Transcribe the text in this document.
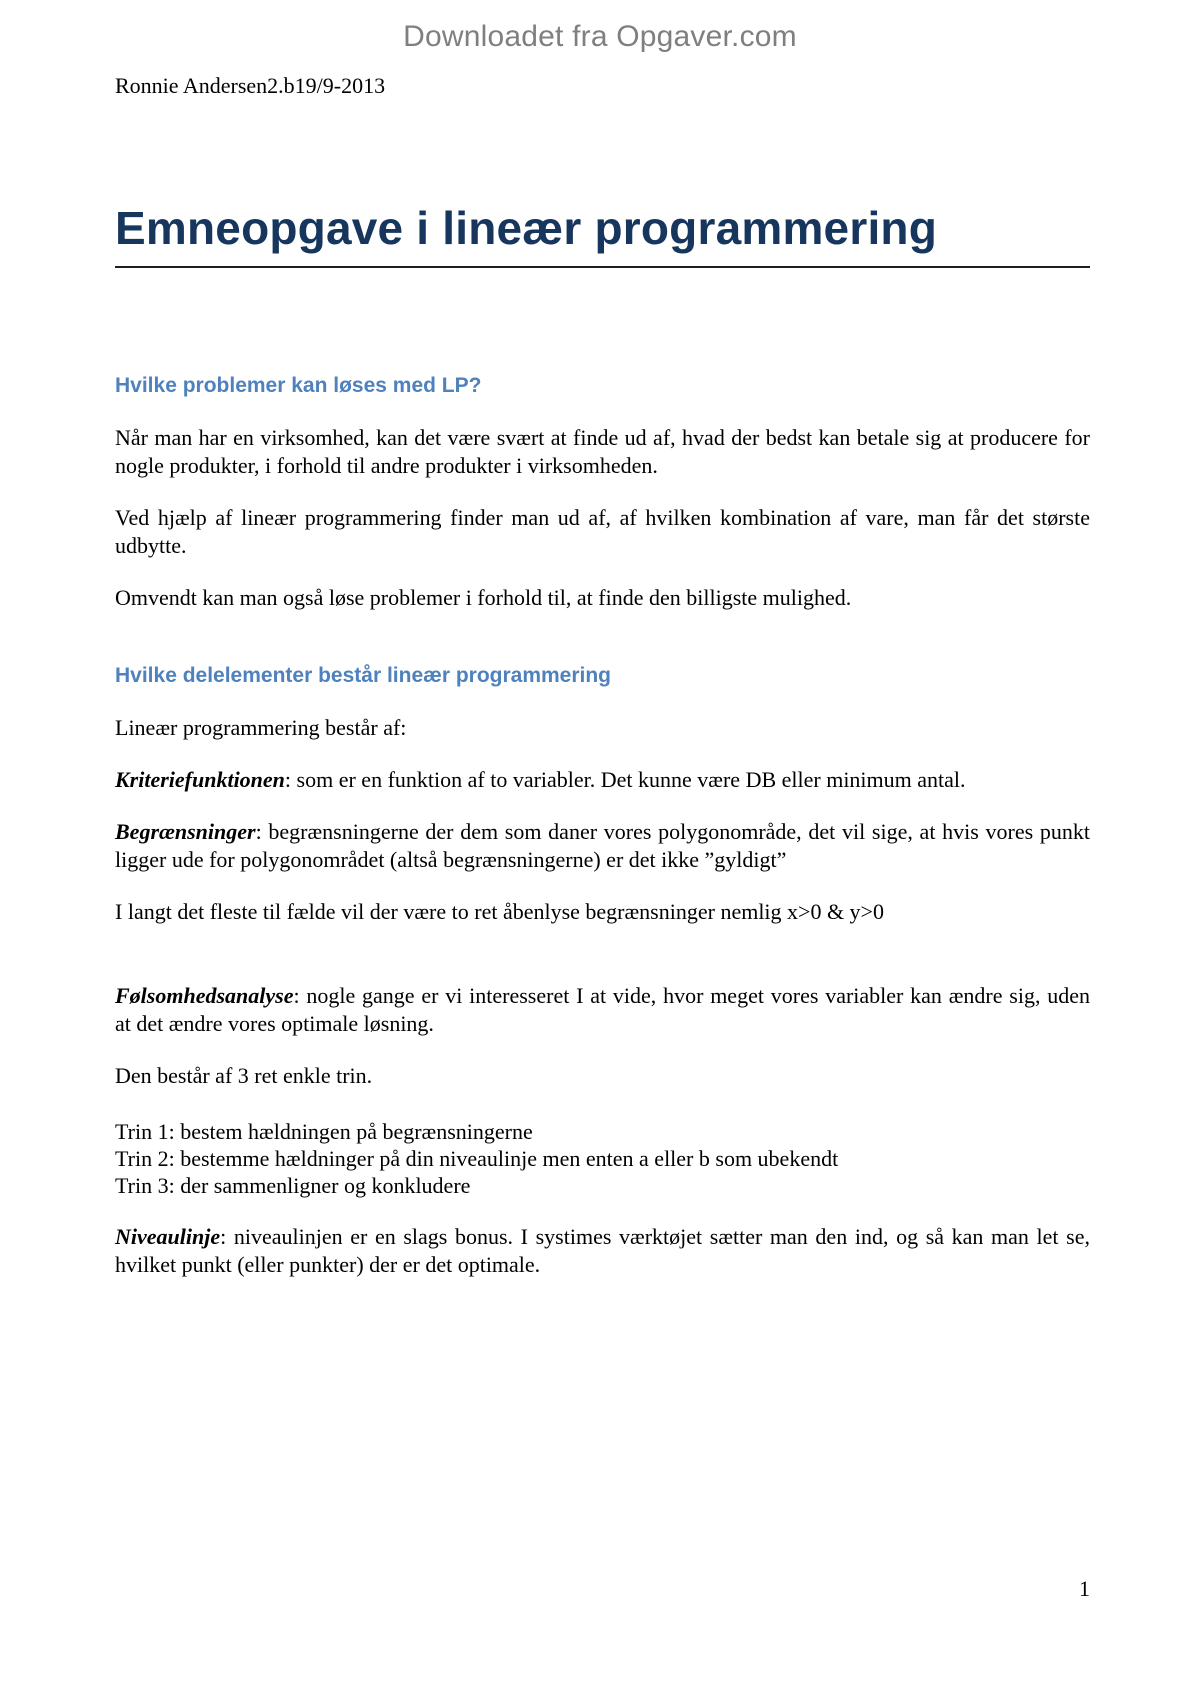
Downloadet fra Opgaver.com

Ronnie Andersen2.b19/9-2013

Emneopgave i lineær programmering
Hvilke problemer kan løses med LP?

Når man har en virksomhed, kan det være svært at finde ud af, hvad der bedst kan betale sig at producere for nogle produkter, i forhold til andre produkter i virksomheden.

Ved hjælp af lineær programmering finder man ud af, af hvilken kombination af vare, man får det største udbytte.

Omvendt kan man også løse problemer i forhold til, at finde den billigste mulighed.

Hvilke delelementer består lineær programmering

Lineær programmering består af:

Kriteriefunktionen: som er en funktion af to variabler. Det kunne være DB eller minimum antal.

Begrænsninger: begrænsningerne der dem som daner vores polygonområde, det vil sige, at hvis vores punkt ligger ude for polygonområdet (altså begrænsningerne) er det ikke ”gyldigt”

I langt det fleste til fælde vil der være to ret åbenlyse begrænsninger nemlig x>0 & y>0

Følsomhedsanalyse: nogle gange er vi interesseret I at vide, hvor meget vores variabler kan ændre sig, uden at det ændre vores optimale løsning.

Den består af 3 ret enkle trin.

Trin 1: bestem hældningen på begrænsningerne
Trin 2: bestemme hældninger på din niveaulinje men enten a eller b som ubekendt
Trin 3: der sammenligner og konkludere

Niveaulinje: niveaulinjen er en slags bonus. I systimes værktøjet sætter man den ind, og så kan man let se, hvilket punkt (eller punkter) der er det optimale.

1
